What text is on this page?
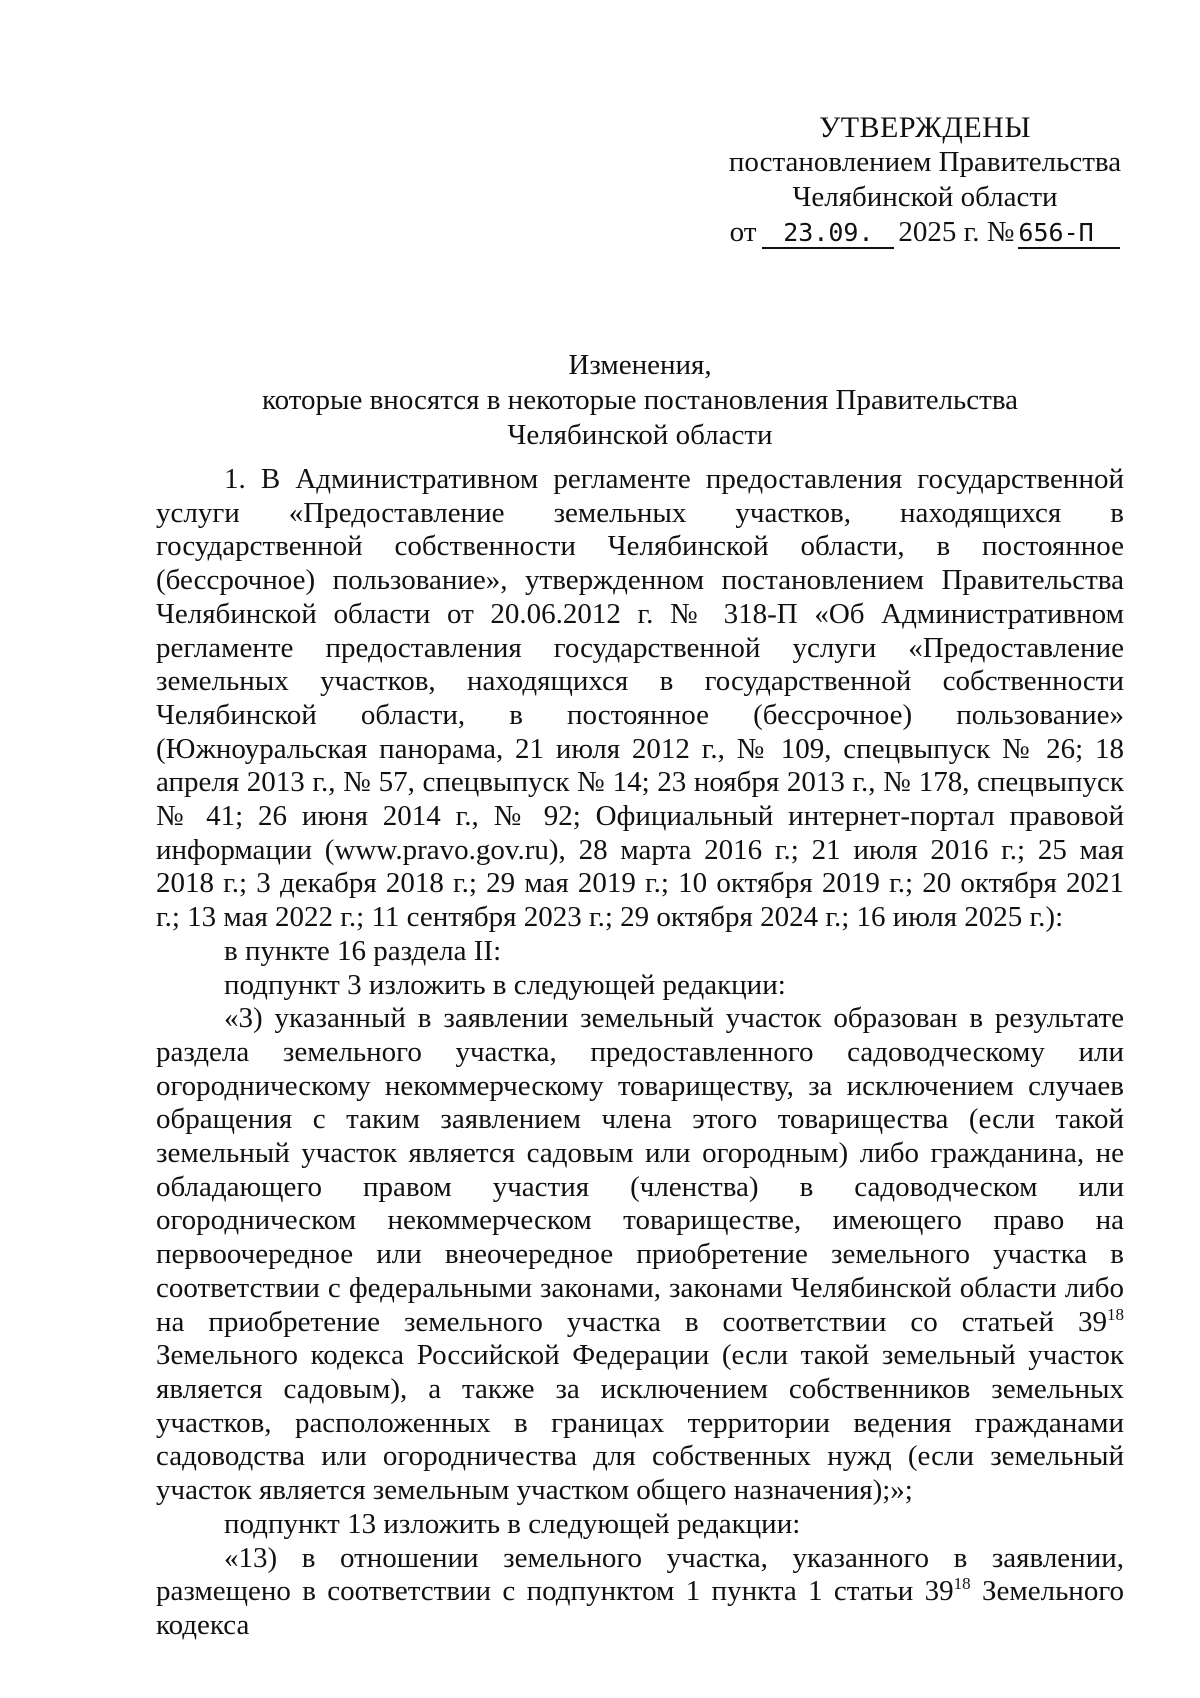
УТВЕРЖДЕНЫ
постановлением Правительства
Челябинской области
от 23.09. 2025 г. № 656-П
Изменения,
которые вносятся в некоторые постановления Правительства
Челябинской области

1. В Административном регламенте предоставления государственной услуги «Предоставление земельных участков, находящихся в государственной собственности Челябинской области, в постоянное (бессрочное) пользование», утвержденном постановлением Правительства Челябинской области от 20.06.2012 г. № 318-П «Об Административном регламенте предоставления государственной услуги «Предоставление земельных участков, находящихся в государственной собственности Челябинской области, в постоянное (бессрочное) пользование» (Южноуральская панорама, 21 июля 2012 г., № 109, спецвыпуск № 26; 18 апреля 2013 г., № 57, спецвыпуск № 14; 23 ноября 2013 г., № 178, спецвыпуск № 41; 26 июня 2014 г., № 92; Официальный интернет-портал правовой информации (www.pravo.gov.ru), 28 марта 2016 г.; 21 июля 2016 г.; 25 мая 2018 г.; 3 декабря 2018 г.; 29 мая 2019 г.; 10 октября 2019 г.; 20 октября 2021 г.; 13 мая 2022 г.; 11 сентября 2023 г.; 29 октября 2024 г.; 16 июля 2025 г.):

в пункте 16 раздела II:

подпункт 3 изложить в следующей редакции:

«3) указанный в заявлении земельный участок образован в результате раздела земельного участка, предоставленного садоводческому или огородническому некоммерческому товариществу, за исключением случаев обращения с таким заявлением члена этого товарищества (если такой земельный участок является садовым или огородным) либо гражданина, не обладающего правом участия (членства) в садоводческом или огородническом некоммерческом товариществе, имеющего право на первоочередное или внеочередное приобретение земельного участка в соответствии с федеральными законами, законами Челябинской области либо на приобретение земельного участка в соответствии со статьей $39^{18}$ Земельного кодекса Российской Федерации (если такой земельный участок является садовым), а также за исключением собственников земельных участков, расположенных в границах территории ведения гражданами садоводства или огородничества для собственных нужд (если земельный участок является земельным участком общего назначения);»;

подпункт 13 изложить в следующей редакции:

«13) в отношении земельного участка, указанного в заявлении, размещено в соответствии с подпунктом 1 пункта 1 статьи $39^{18}$ Земельного кодекса
